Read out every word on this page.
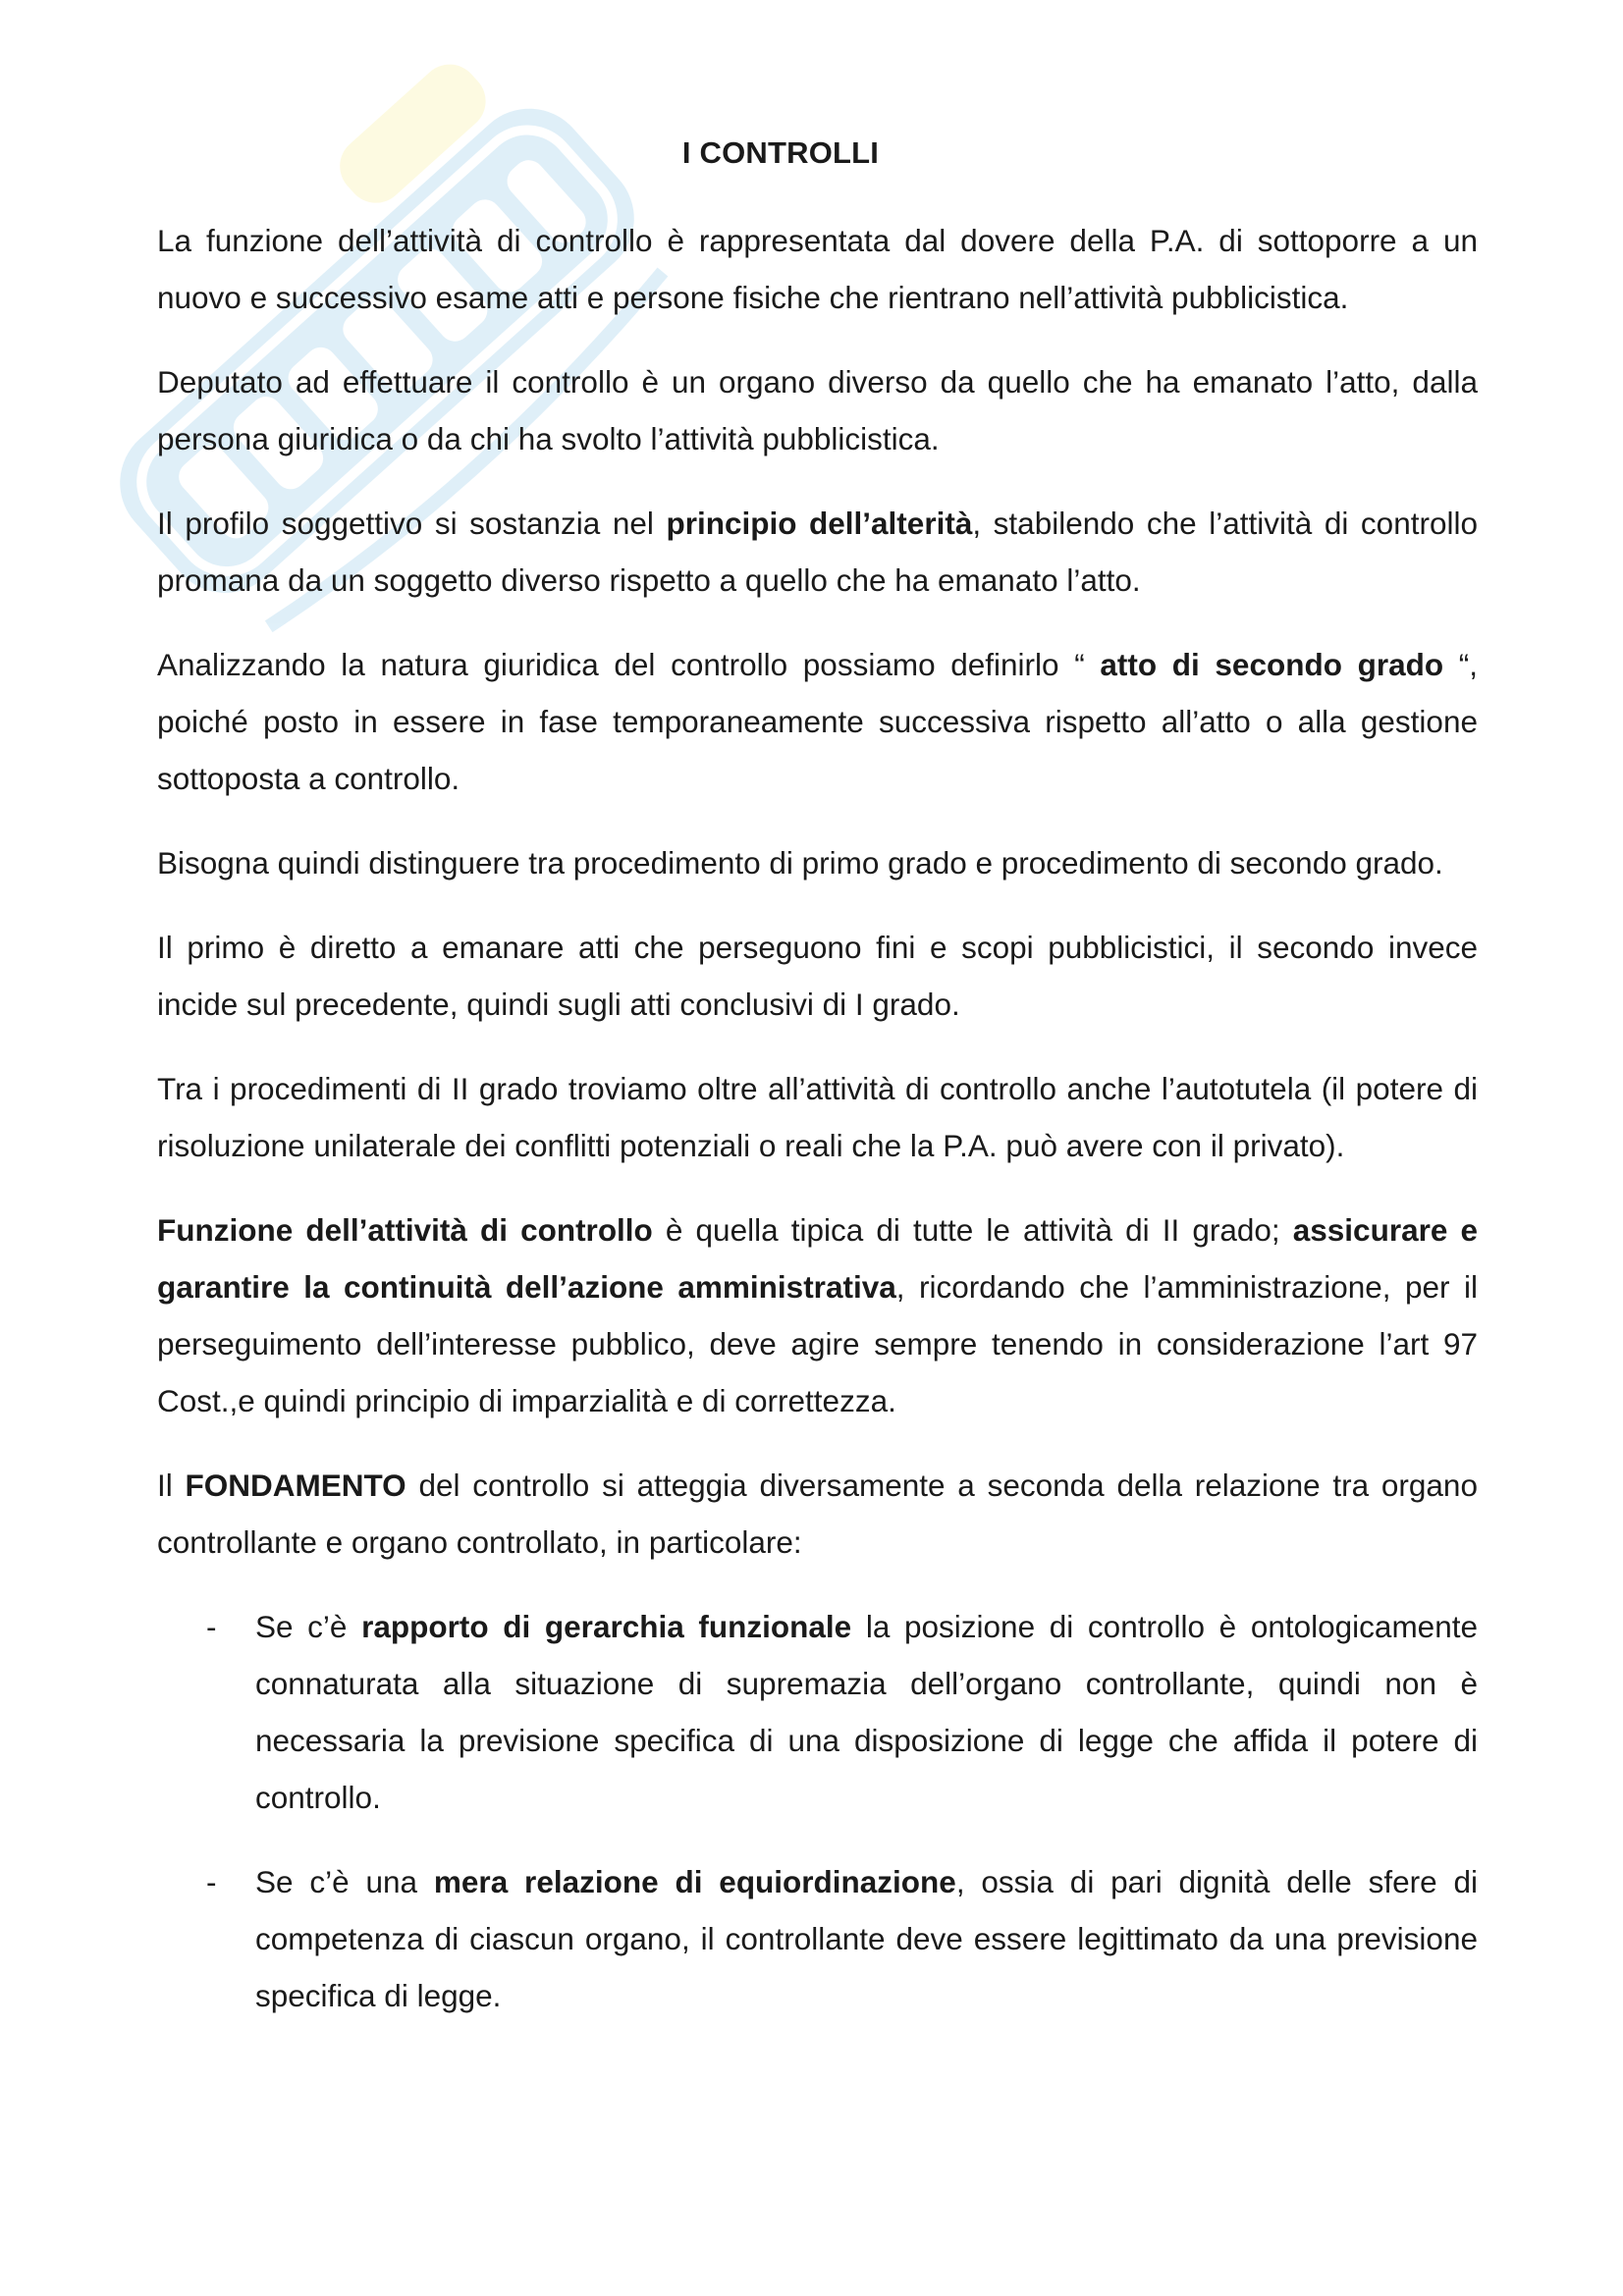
I CONTROLLI

La funzione dell’attività di controllo è rappresentata dal dovere della P.A. di sottoporre a un nuovo e successivo esame atti e persone fisiche che rientrano nell’attività pubblicistica.

Deputato ad effettuare il controllo è un organo diverso da quello che ha emanato l’atto, dalla persona giuridica o da chi ha svolto l’attività pubblicistica.

Il profilo soggettivo si sostanzia nel principio dell’alterità, stabilendo che l’attività di controllo promana da un soggetto diverso rispetto a quello che ha emanato l’atto.

Analizzando la natura giuridica del controllo possiamo definirlo “ atto di secondo grado “, poiché posto in essere in fase temporaneamente successiva rispetto all’atto o alla gestione sottoposta a controllo.

Bisogna quindi distinguere tra procedimento di primo grado e procedimento di secondo grado.

Il primo è diretto a emanare atti che perseguono fini e scopi pubblicistici, il secondo invece incide sul precedente, quindi sugli atti conclusivi di I grado.

Tra i procedimenti di II grado troviamo oltre all’attività di controllo anche l’autotutela (il potere di risoluzione unilaterale dei conflitti potenziali o reali che la P.A. può avere con il privato).

Funzione dell’attività di controllo è quella tipica di tutte le attività di II grado; assicurare e garantire la continuità dell’azione amministrativa, ricordando che l’amministrazione, per il perseguimento dell’interesse pubblico, deve agire sempre tenendo in considerazione l’art 97 Cost.,e quindi principio di imparzialità e di correttezza.

Il FONDAMENTO del controllo si atteggia diversamente a seconda della relazione tra organo controllante e organo controllato, in particolare:

- Se c’è rapporto di gerarchia funzionale la posizione di controllo è ontologicamente connaturata alla situazione di supremazia dell’organo controllante, quindi non è necessaria la previsione specifica di una disposizione di legge che affida il potere di controllo.
- Se c’è una mera relazione di equiordinazione, ossia di pari dignità delle sfere di competenza di ciascun organo, il controllante deve essere legittimato da una previsione specifica di legge.
